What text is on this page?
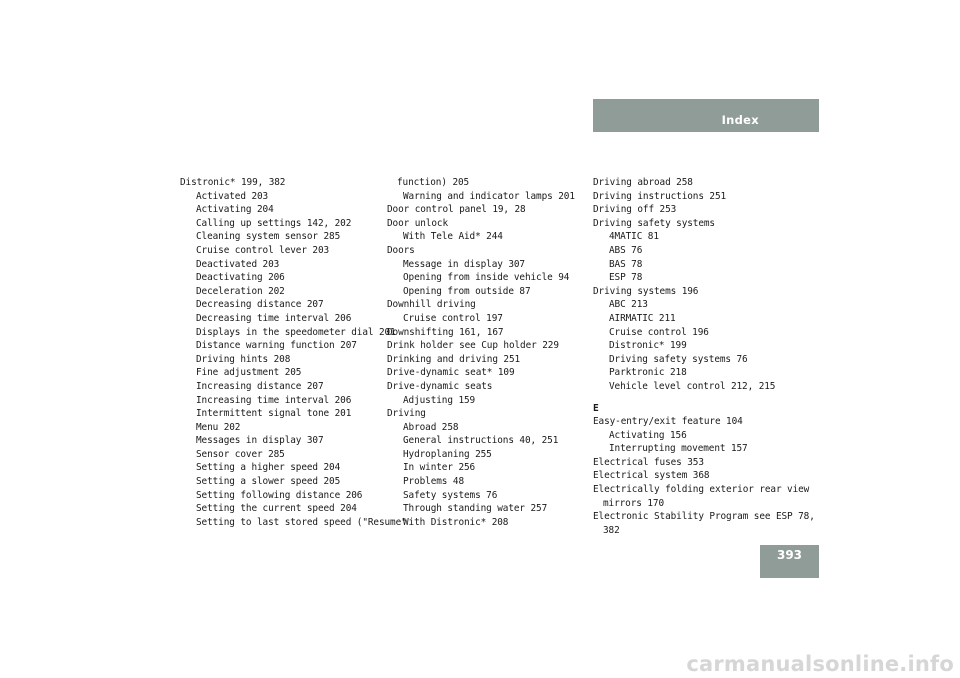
Index
Distronic* 199, 382
Activated 203
Activating 204
Calling up settings 142, 202
Cleaning system sensor 285
Cruise control lever 203
Deactivated 203
Deactivating 206
Deceleration 202
Decreasing distance 207
Decreasing time interval 206
Displays in the speedometer dial 201
Distance warning function 207
Driving hints 208
Fine adjustment 205
Increasing distance 207
Increasing time interval 206
Intermittent signal tone 201
Menu 202
Messages in display 307
Sensor cover 285
Setting a higher speed 204
Setting a slower speed 205
Setting following distance 206
Setting the current speed 204
Setting to last stored speed ("Resume"
function) 205
Warning and indicator lamps 201
Door control panel 19, 28
Door unlock
With Tele Aid* 244
Doors
Message in display 307
Opening from inside vehicle 94
Opening from outside 87
Downhill driving
Cruise control 197
Downshifting 161, 167
Drink holder see Cup holder 229
Drinking and driving 251
Drive-dynamic seat* 109
Drive-dynamic seats
Adjusting 159
Driving
Abroad 258
General instructions 40, 251
Hydroplaning 255
In winter 256
Problems 48
Safety systems 76
Through standing water 257
With Distronic* 208
Driving abroad 258
Driving instructions 251
Driving off 253
Driving safety systems
4MATIC 81
ABS 76
BAS 78
ESP 78
Driving systems 196
ABC 213
AIRMATIC 211
Cruise control 196
Distronic* 199
Driving safety systems 76
Parktronic 218
Vehicle level control 212, 215
E
Easy-entry/exit feature 104
Activating 156
Interrupting movement 157
Electrical fuses 353
Electrical system 368
Electrically folding exterior rear view
mirrors 170
Electronic Stability Program see ESP 78,
382
393
carmanualsonline.info
